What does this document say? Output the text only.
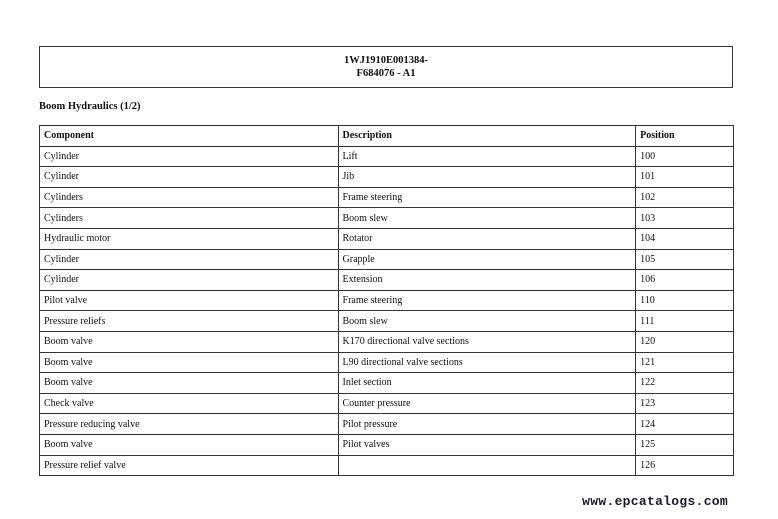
1WJ1910E001384-
F684076 - A1
Boom Hydraulics (1/2)
Component	Description	Position
Cylinder	Lift	100
Cylinder	Jib	101
Cylinders	Frame steering	102
Cylinders	Boom slew	103
Hydraulic motor	Rotator	104
Cylinder	Grapple	105
Cylinder	Extension	106
Pilot valve	Frame steering	110
Pressure reliefs	Boom slew	111
Boom valve	K170 directional valve sections	120
Boom valve	L90 directional valve sections	121
Boom valve	Inlet section	122
Check valve	Counter pressure	123
Pressure reducing valve	Pilot pressure	124
Boom valve	Pilot valves	125
Pressure relief valve		126
www.epcatalogs.com
